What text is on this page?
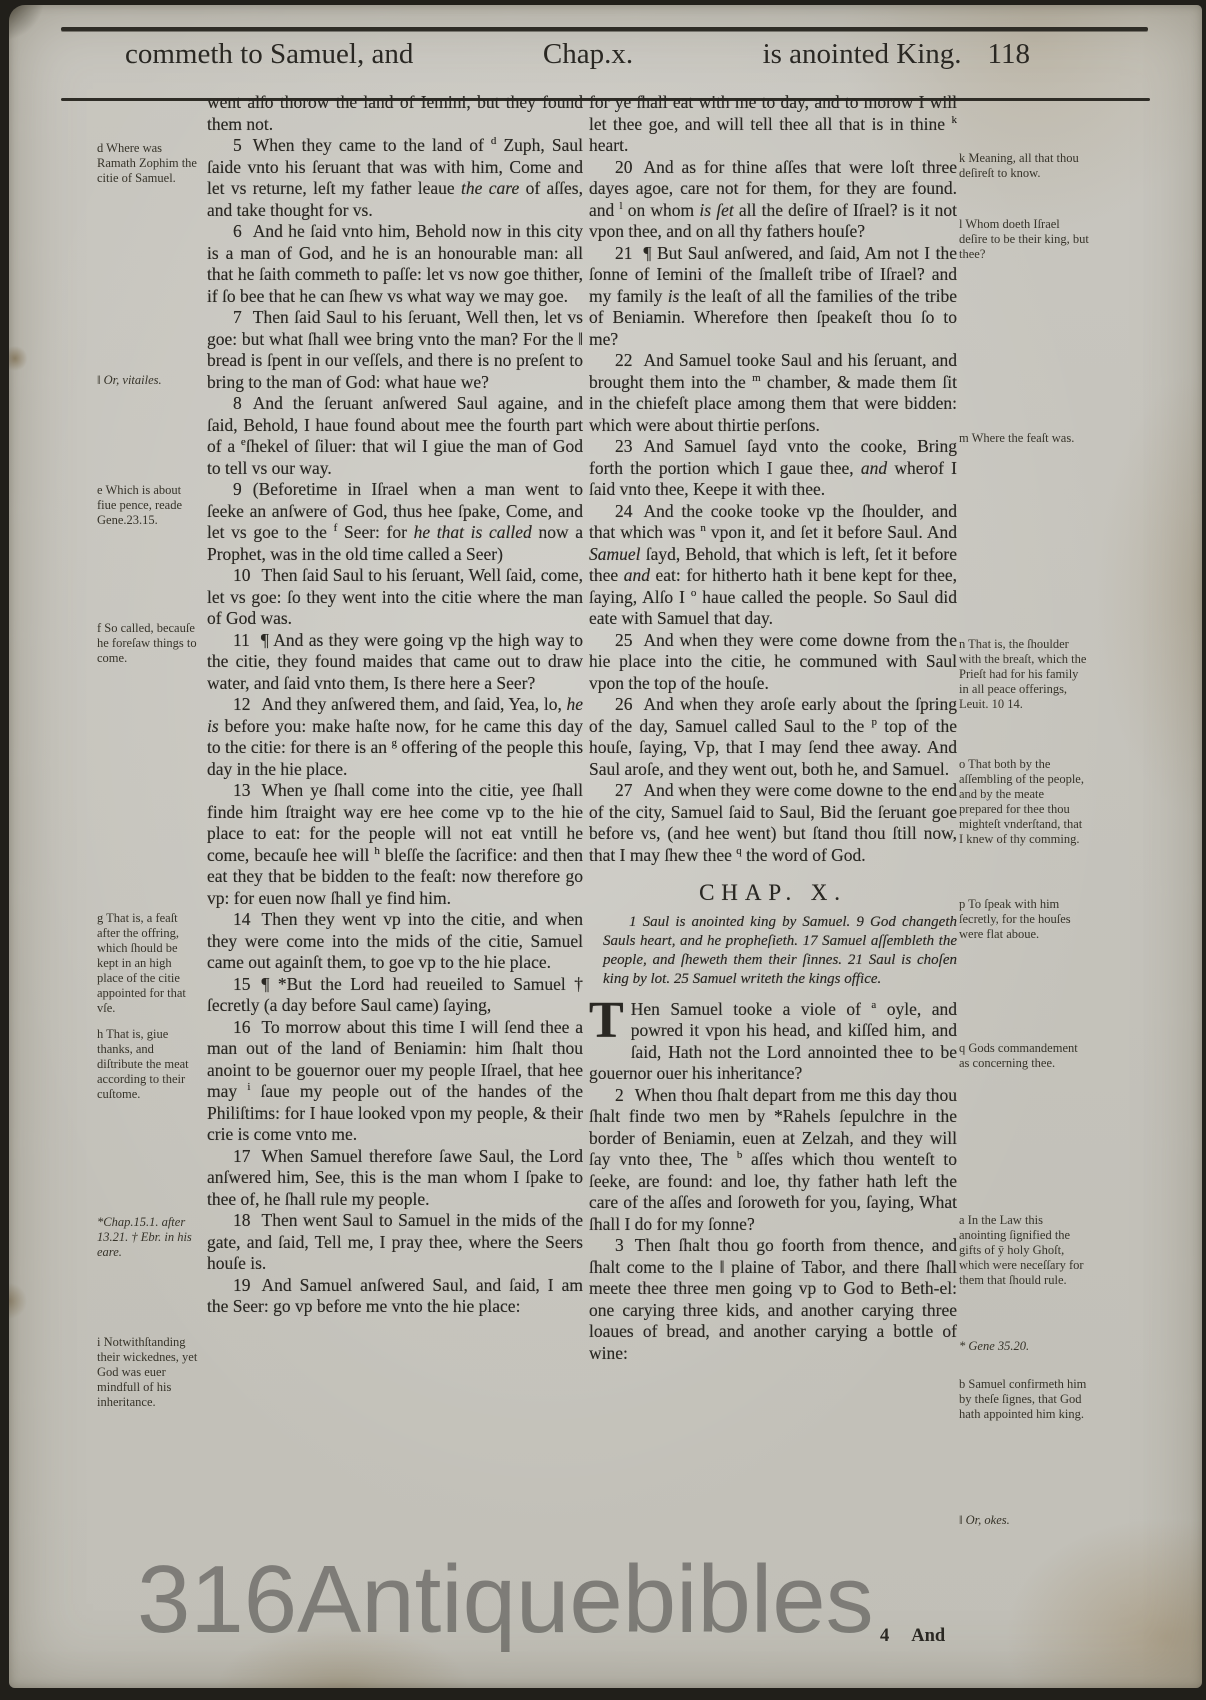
commeth to Samuel, and	Chap.x.	is anointed King. 118
d Where was Ramath Zophim the citie of Samuel.
‖ Or, vitailes.
e Which is about fiue pence, reade Gene.23.15.
f So called, becauſe he foreſaw things to come.
g That is, a feaſt after the offring, which ſhould be kept in an high place of the citie appointed for that vſe.
h That is, giue thanks, and diſtribute the meat according to their cuſtome.
*Chap.15.1. after 13.21. † Ebr. in his eare.
i Notwithſtanding their wickednes, yet God was euer mindfull of his inheritance.

went alſo thorow the land of Iemini, but they found them not.

5 When they came to the land of $^d$ Zuph, Saul ſaide vnto his ſeruant that was with him, Come and let vs returne, leſt my father leaue the care of aſſes, and take thought for vs.

6 And he ſaid vnto him, Behold now in this city is a man of God, and he is an honourable man: all that he ſaith commeth to paſſe: let vs now goe thither, if ſo bee that he can ſhew vs what way we may goe.

7 Then ſaid Saul to his ſeruant, Well then, let vs goe: but what ſhall wee bring vnto the man? For the ‖ bread is ſpent in our veſſels, and there is no preſent to bring to the man of God: what haue we?

8 And the ſeruant anſwered Saul againe, and ſaid, Behold, I haue found about mee the fourth part of a $^e$ſhekel of ſiluer: that wil I giue the man of God to tell vs our way.

9 (Beforetime in Iſrael when a man went to ſeeke an anſwere of God, thus hee ſpake, Come, and let vs goe to the $^f$ Seer: for he that is called now a Prophet, was in the old time called a Seer)

10 Then ſaid Saul to his ſeruant, Well ſaid, come, let vs goe: ſo they went into the citie where the man of God was.

11 ¶ And as they were going vp the high way to the citie, they found maides that came out to draw water, and ſaid vnto them, Is there here a Seer?

12 And they anſwered them, and ſaid, Yea, lo, he is before you: make haſte now, for he came this day to the citie: for there is an $^g$ offering of the people this day in the hie place.

13 When ye ſhall come into the citie, yee ſhall finde him ſtraight way ere hee come vp to the hie place to eat: for the people will not eat vntill he come, becauſe hee will $^h$ bleſſe the ſacrifice: and then eat they that be bidden to the feaſt: now therefore go vp: for euen now ſhall ye find him.

14 Then they went vp into the citie, and when they were come into the mids of the citie, Samuel came out againſt them, to goe vp to the hie place.

15 ¶ *But the Lord had reueiled to Samuel † ſecretly (a day before Saul came) ſaying,

16 To morrow about this time I will ſend thee a man out of the land of Beniamin: him ſhalt thou anoint to be gouernor ouer my people Iſrael, that hee may $^i$ ſaue my people out of the handes of the Philiſtims: for I haue looked vpon my people, & their crie is come vnto me.

17 When Samuel therefore ſawe Saul, the Lord anſwered him, See, this is the man whom I ſpake to thee of, he ſhall rule my people.

18 Then went Saul to Samuel in the mids of the gate, and ſaid, Tell me, I pray thee, where the Seers houſe is.

19 And Samuel anſwered Saul, and ſaid, I am the Seer: go vp before me vnto the hie place:

for ye ſhall eat with me to day, and to morow I will let thee goe, and will tell thee all that is in thine $^k$ heart.

20 And as for thine aſſes that were loſt three dayes agoe, care not for them, for they are found. and $^l$ on whom is ſet all the deſire of Iſrael? is it not vpon thee, and on all thy fathers houſe?

21 ¶ But Saul anſwered, and ſaid, Am not I the ſonne of Iemini of the ſmalleſt tribe of Iſrael? and my family is the leaſt of all the families of the tribe of Beniamin. Wherefore then ſpeakeſt thou ſo to me?

22 And Samuel tooke Saul and his ſeruant, and brought them into the $^m$ chamber, & made them ſit in the chiefeſt place among them that were bidden: which were about thirtie perſons.

23 And Samuel ſayd vnto the cooke, Bring forth the portion which I gaue thee, and wherof I ſaid vnto thee, Keepe it with thee.

24 And the cooke tooke vp the ſhoulder, and that which was $^n$ vpon it, and ſet it before Saul. And Samuel ſayd, Behold, that which is left, ſet it before thee and eat: for hitherto hath it bene kept for thee, ſaying, Alſo I $^o$ haue called the people. So Saul did eate with Samuel that day.

25 And when they were come downe from the hie place into the citie, he communed with Saul vpon the top of the houſe.

26 And when they aroſe early about the ſpring of the day, Samuel called Saul to the $^p$ top of the houſe, ſaying, Vp, that I may ſend thee away. And Saul aroſe, and they went out, both he, and Samuel.

27 And when they were come downe to the end of the city, Samuel ſaid to Saul, Bid the ſeruant goe before vs, (and hee went) but ſtand thou ſtill now, that I may ſhew thee $^q$ the word of God.

CHAP. X.

1 Saul is anointed king by Samuel. 9 God changeth Sauls heart, and he propheſieth. 17 Samuel aſſembleth the people, and ſheweth them their ſinnes. 21 Saul is choſen king by lot. 25 Samuel writeth the kings office.

T Hen Samuel tooke a viole of $^a$ oyle, and powred it vpon his head, and kiſſed him, and ſaid, Hath not the Lord annointed thee to be gouernor ouer his inheritance?

2 When thou ſhalt depart from me this day thou ſhalt finde two men by *Rahels ſepulchre in the border of Beniamin, euen at Zelzah, and they will ſay vnto thee, The $^b$ aſſes which thou wenteſt to ſeeke, are found: and loe, thy father hath left the care of the aſſes and ſoroweth for you, ſaying, What ſhall I do for my ſonne?

3 Then ſhalt thou go foorth from thence, and ſhalt come to the ‖ plaine of Tabor, and there ſhall meete thee three men going vp to God to Beth-el: one carying three kids, and another carying three loaues of bread, and another carying a bottle of wine:

k Meaning, all that thou deſireſt to know.
l Whom doeth Iſrael deſire to be their king, but thee?
m Where the feaſt was.
n That is, the ſhoulder with the breaſt, which the Prieſt had for his family in all peace offerings, Leuit. 10 14.
o That both by the aſſembling of the people, and by the meate prepared for thee thou mighteſt vnderſtand, that I knew of thy comming.
p To ſpeak with him ſecretly, for the houſes were flat aboue.
q Gods commandement as concerning thee.
a In the Law this anointing ſignified the gifts of ȳ holy Ghoſt, which were neceſſary for them that ſhould rule.
* Gene 35.20.
b Samuel confirmeth him by theſe ſignes, that God hath appointed him king.
‖ Or, okes.
4 And
316Antiquebibles
